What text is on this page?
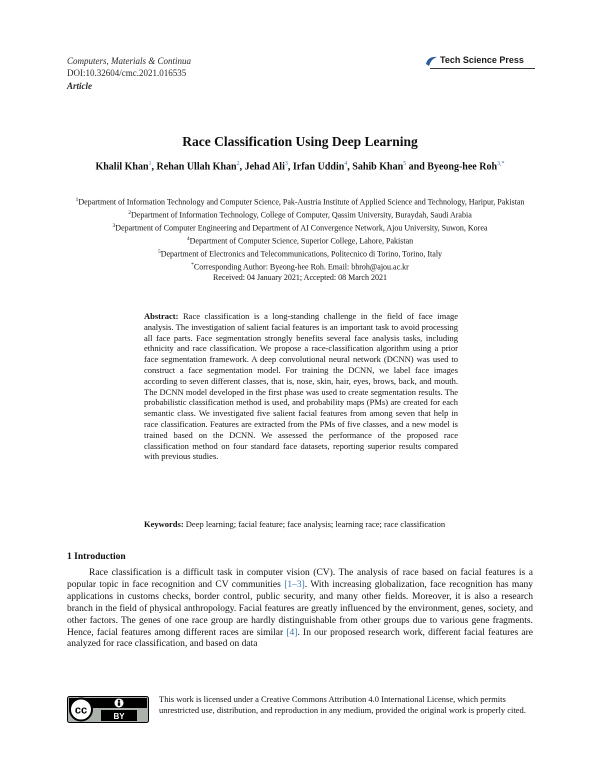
Computers, Materials & Continua
DOI:10.32604/cmc.2021.016535
Article
Tech Science Press
Race Classification Using Deep Learning
Khalil Khan$^1$, Rehan Ullah Khan$^2$, Jehad Ali$^3$, Irfan Uddin$^4$, Sahib Khan$^5$ and Byeong-hee Roh$^{3,*}$
$^1$Department of Information Technology and Computer Science, Pak-Austria Institute of Applied Science and Technology, Haripur, Pakistan
$^2$Department of Information Technology, College of Computer, Qassim University, Buraydah, Saudi Arabia
$^3$Department of Computer Engineering and Department of AI Convergence Network, Ajou University, Suwon, Korea
$^4$Department of Computer Science, Superior College, Lahore, Pakistan
$^5$Department of Electronics and Telecommunications, Politecnico di Torino, Torino, Italy
*Corresponding Author: Byeong-hee Roh. Email: bhroh@ajou.ac.kr
Received: 04 January 2021; Accepted: 08 March 2021
Abstract: Race classification is a long-standing challenge in the field of face image analysis. The investigation of salient facial features is an important task to avoid processing all face parts. Face segmentation strongly benefits several face analysis tasks, including ethnicity and race classification. We propose a race-classification algorithm using a prior face segmentation framework. A deep convolutional neural network (DCNN) was used to construct a face segmentation model. For training the DCNN, we label face images according to seven different classes, that is, nose, skin, hair, eyes, brows, back, and mouth. The DCNN model developed in the first phase was used to create segmentation results. The probabilistic classification method is used, and probability maps (PMs) are created for each semantic class. We investigated five salient facial features from among seven that help in race classification. Features are extracted from the PMs of five classes, and a new model is trained based on the DCNN. We assessed the performance of the proposed race classification method on four standard face datasets, reporting superior results compared with previous studies.
Keywords: Deep learning; facial feature; face analysis; learning race; race classification
1 Introduction
Race classification is a difficult task in computer vision (CV). The analysis of race based on facial features is a popular topic in face recognition and CV communities [1–3]. With increasing globalization, face recognition has many applications in customs checks, border control, public security, and many other fields. Moreover, it is also a research branch in the field of physical anthropology. Facial features are greatly influenced by the environment, genes, society, and other factors. The genes of one race group are hardly distinguishable from other groups due to various gene fragments. Hence, facial features among different races are similar [4]. In our proposed research work, different facial features are analyzed for race classification, and based on data
cc	BY
This work is licensed under a Creative Commons Attribution 4.0 International License, which permits unrestricted use, distribution, and reproduction in any medium, provided the original work is properly cited.
